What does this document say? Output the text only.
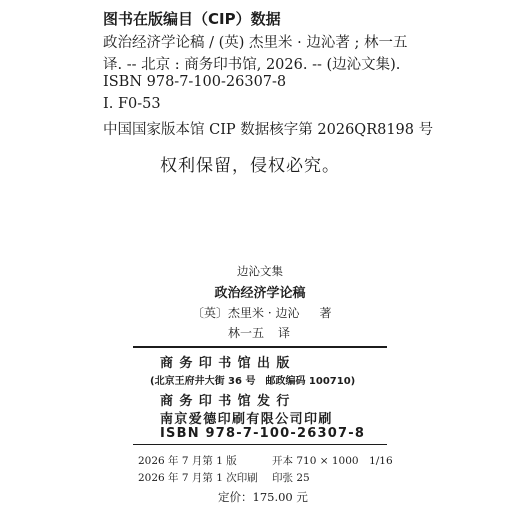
图书在版编目（CIP）数据
政治经济学论稿 / (英) 杰里米 · 边沁著 ; 林一五
译. -- 北京 : 商务印书馆, 2026. -- (边沁文集).
ISBN 978-7-100-26307-8
I. F0-53
中国国家版本馆 CIP 数据核字第 2026QR8198 号
权利保留，侵权必究。
边沁文集
政治经济学论稿
〔英〕杰里米 · 边沁 著
林一五 译
商务印书馆出版
(北京王府井大街 36 号　邮政编码 100710)
商务印书馆发行
南京爱德印刷有限公司印刷
ISBN 978-7-100-26307-8
2026 年 7 月第 1 版	开本 710 × 1000　1/16
2026 年 7 月第 1 次印刷 印张 25
定价：175.00 元
